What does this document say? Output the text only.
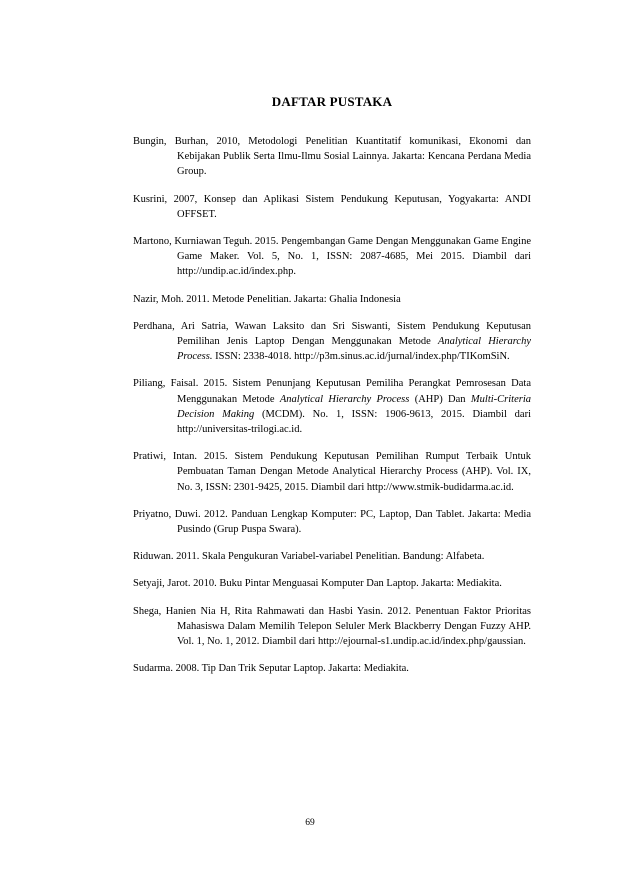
DAFTAR PUSTAKA

Bungin, Burhan, 2010, Metodologi Penelitian Kuantitatif komunikasi, Ekonomi dan Kebijakan Publik Serta Ilmu-Ilmu Sosial Lainnya. Jakarta: Kencana Perdana Media Group.

Kusrini, 2007, Konsep dan Aplikasi Sistem Pendukung Keputusan, Yogyakarta: ANDI OFFSET.

Martono, Kurniawan Teguh. 2015. Pengembangan Game Dengan Menggunakan Game Engine Game Maker. Vol. 5, No. 1, ISSN: 2087-4685, Mei 2015. Diambil dari http://undip.ac.id/index.php.

Nazir, Moh. 2011. Metode Penelitian. Jakarta: Ghalia Indonesia

Perdhana, Ari Satria, Wawan Laksito dan Sri Siswanti, Sistem Pendukung Keputusan Pemilihan Jenis Laptop Dengan Menggunakan Metode Analytical Hierarchy Process. ISSN: 2338-4018. http://p3m.sinus.ac.id/jurnal/index.php/TIKomSiN.

Piliang, Faisal. 2015. Sistem Penunjang Keputusan Pemiliha Perangkat Pemrosesan Data Menggunakan Metode Analytical Hierarchy Process (AHP) Dan Multi-Criteria Decision Making (MCDM). No. 1, ISSN: 1906-9613, 2015. Diambil dari http://universitas-trilogi.ac.id.

Pratiwi, Intan. 2015. Sistem Pendukung Keputusan Pemilihan Rumput Terbaik Untuk Pembuatan Taman Dengan Metode Analytical Hierarchy Process (AHP). Vol. IX, No. 3, ISSN: 2301-9425, 2015. Diambil dari http://www.stmik-budidarma.ac.id.

Priyatno, Duwi. 2012. Panduan Lengkap Komputer: PC, Laptop, Dan Tablet. Jakarta: Media Pusindo (Grup Puspa Swara).

Riduwan. 2011. Skala Pengukuran Variabel-variabel Penelitian. Bandung: Alfabeta.

Setyaji, Jarot. 2010. Buku Pintar Menguasai Komputer Dan Laptop. Jakarta: Mediakita.

Shega, Hanien Nia H, Rita Rahmawati dan Hasbi Yasin. 2012. Penentuan Faktor Prioritas Mahasiswa Dalam Memilih Telepon Seluler Merk Blackberry Dengan Fuzzy AHP. Vol. 1, No. 1, 2012. Diambil dari http://ejournal-s1.undip.ac.id/index.php/gaussian.

Sudarma. 2008. Tip Dan Trik Seputar Laptop. Jakarta: Mediakita.

69
